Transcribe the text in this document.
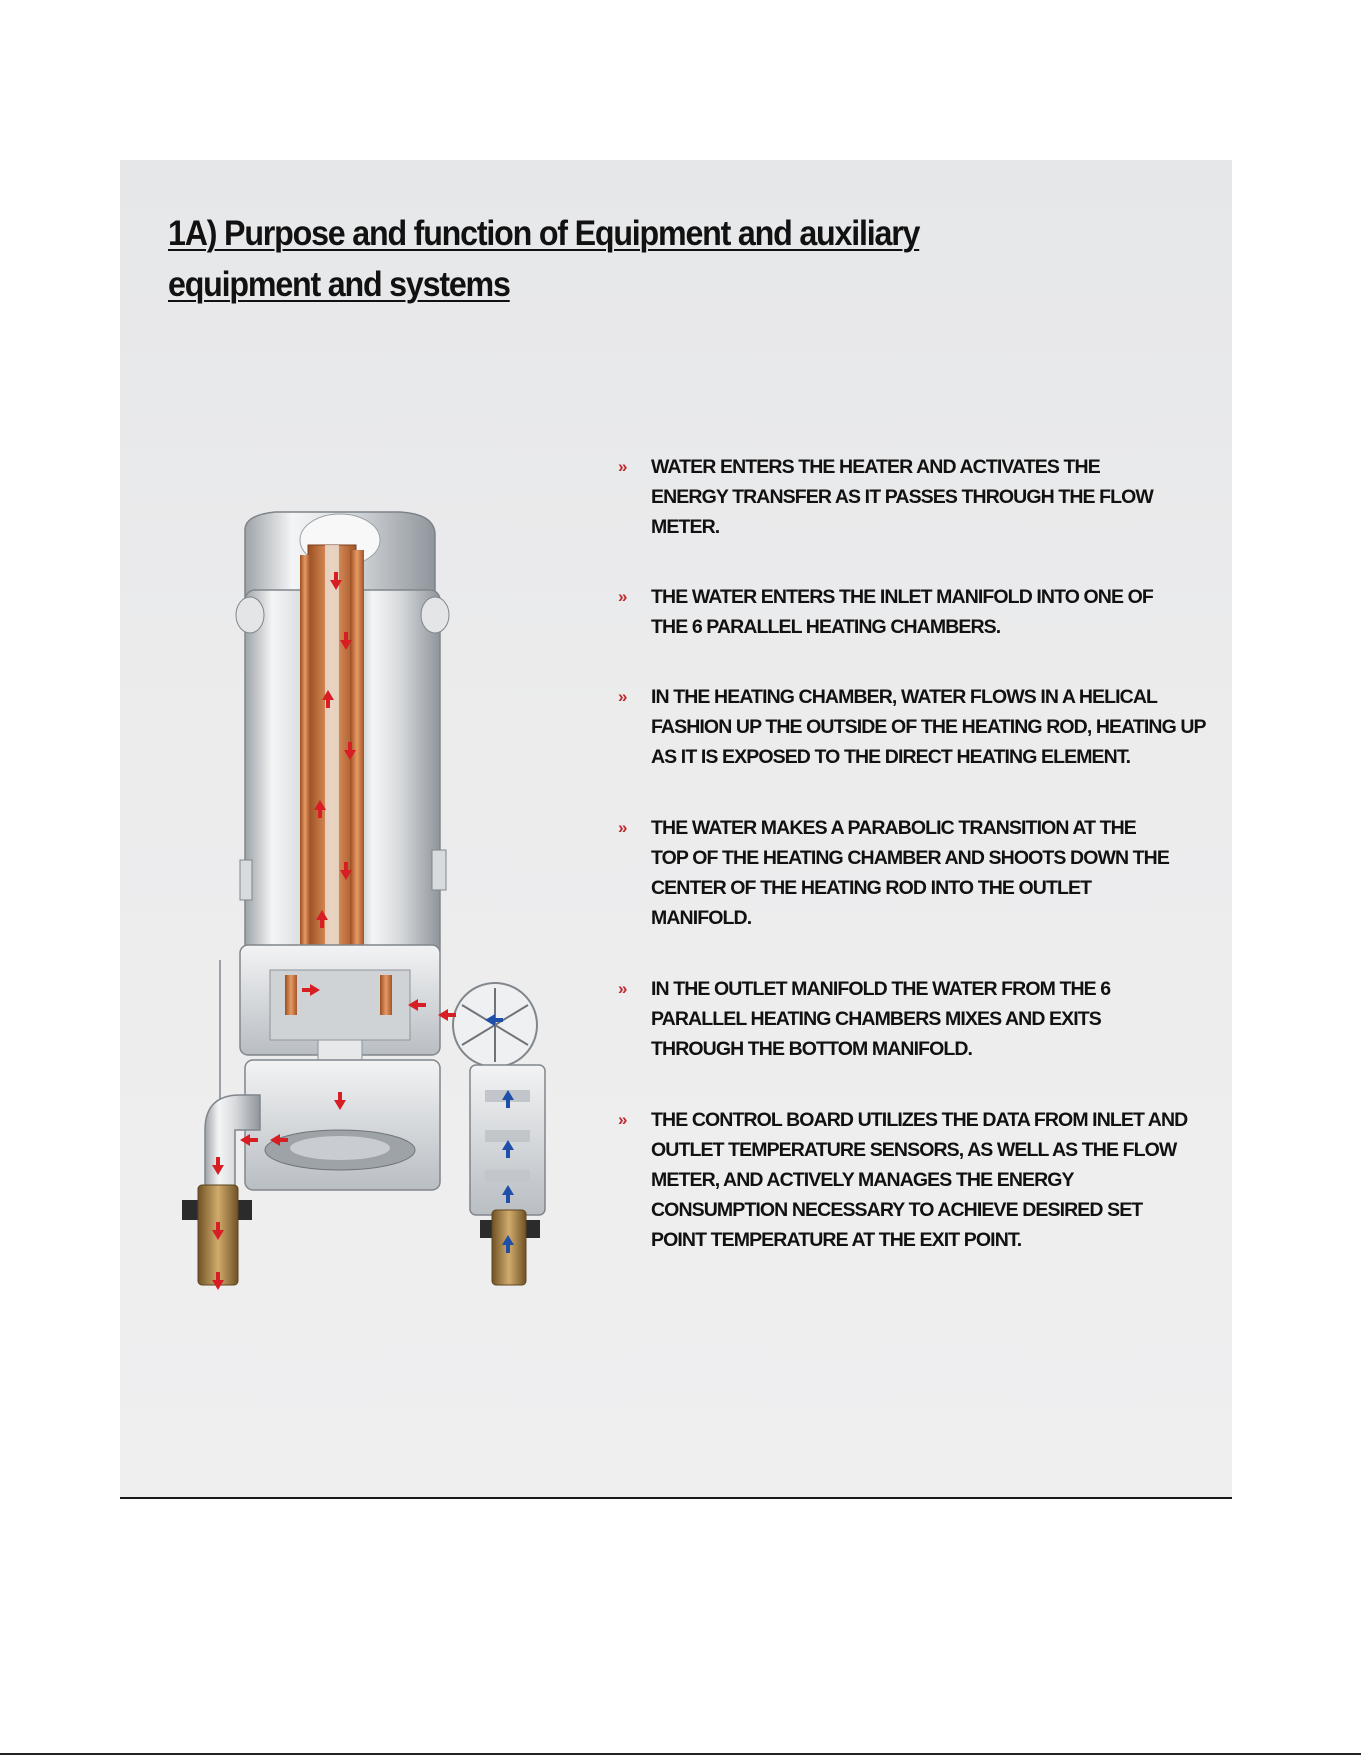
1A) Purpose and function of Equipment and auxiliary equipment and systems
» WATER ENTERS THE HEATER AND ACTIVATES THE ENERGY TRANSFER AS IT PASSES THROUGH THE FLOW METER.
» THE WATER ENTERS THE INLET MANIFOLD INTO ONE OF THE 6 PARALLEL HEATING CHAMBERS.
» IN THE HEATING CHAMBER, WATER FLOWS IN A HELICAL FASHION UP THE OUTSIDE OF THE HEATING ROD, HEATING UP AS IT IS EXPOSED TO THE DIRECT HEATING ELEMENT.
» THE WATER MAKES A PARABOLIC TRANSITION AT THE TOP OF THE HEATING CHAMBER AND SHOOTS DOWN THE CENTER OF THE HEATING ROD INTO THE OUTLET MANIFOLD.
» IN THE OUTLET MANIFOLD THE WATER FROM THE 6 PARALLEL HEATING CHAMBERS MIXES AND EXITS THROUGH THE BOTTOM MANIFOLD.
» THE CONTROL BOARD UTILIZES THE DATA FROM INLET AND OUTLET TEMPERATURE SENSORS, AS WELL AS THE FLOW METER, AND ACTIVELY MANAGES THE ENERGY CONSUMPTION NECESSARY TO ACHIEVE DESIRED SET POINT TEMPERATURE AT THE EXIT POINT.
